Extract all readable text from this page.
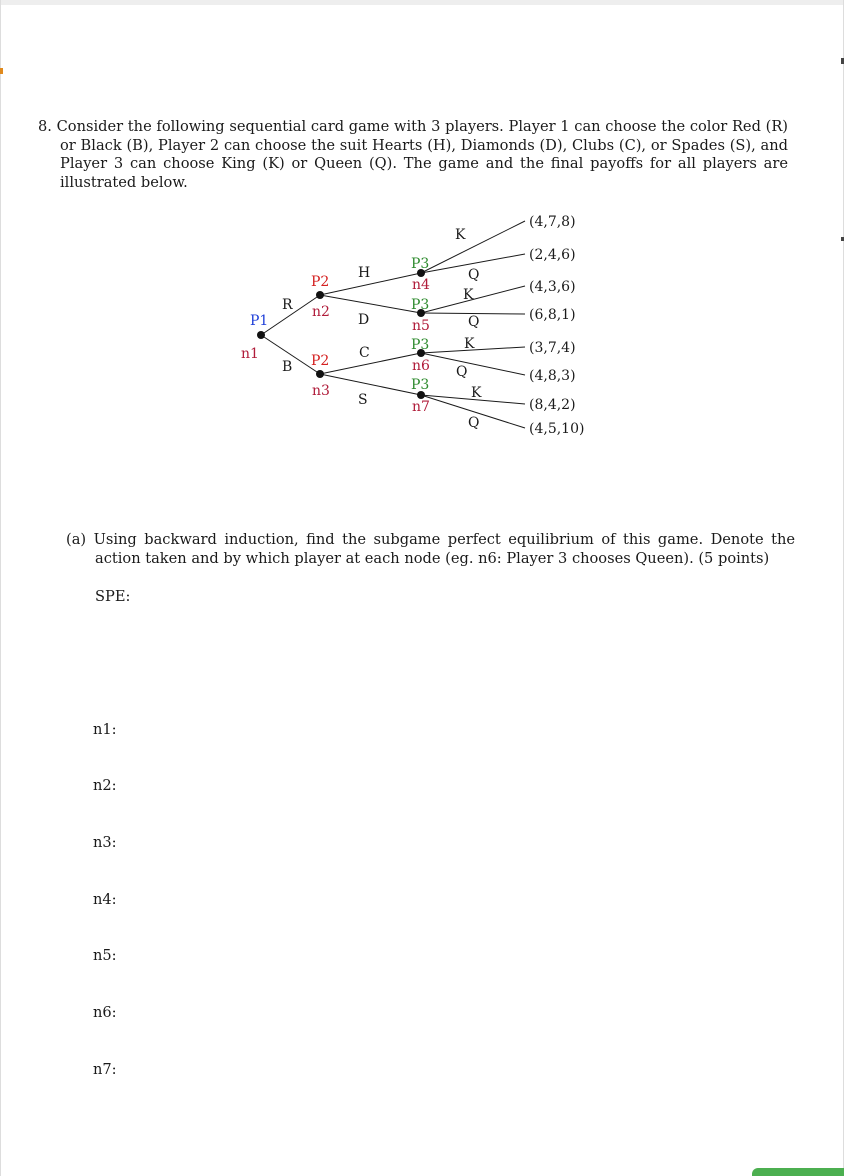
8. Consider the following sequential card game with 3 players. Player 1 can choose the color Red (R) or Black (B), Player 2 can choose the suit Hearts (H), Diamonds (D), Clubs (C), or Spades (S), and Player 3 can choose King (K) or Queen (Q). The game and the final payoffs for all players are illustrated below.
P1
P2
P2
P3
P3
P3
P3
n1
n2
n3
n4
n5
n6
n7
R
B
H
D
C
S
K
Q
K
Q
K
Q
K
Q
(4,7,8)
(2,4,6)
(4,3,6)
(6,8,1)
(3,7,4)
(4,8,3)
(8,4,2)
(4,5,10)
(a) Using backward induction, find the subgame perfect equilibrium of this game. Denote the action taken and by which player at each node (eg. n6: Player 3 chooses Queen). (5 points)
SPE:
n1:
n2:
n3:
n4:
n5:
n6:
n7:
